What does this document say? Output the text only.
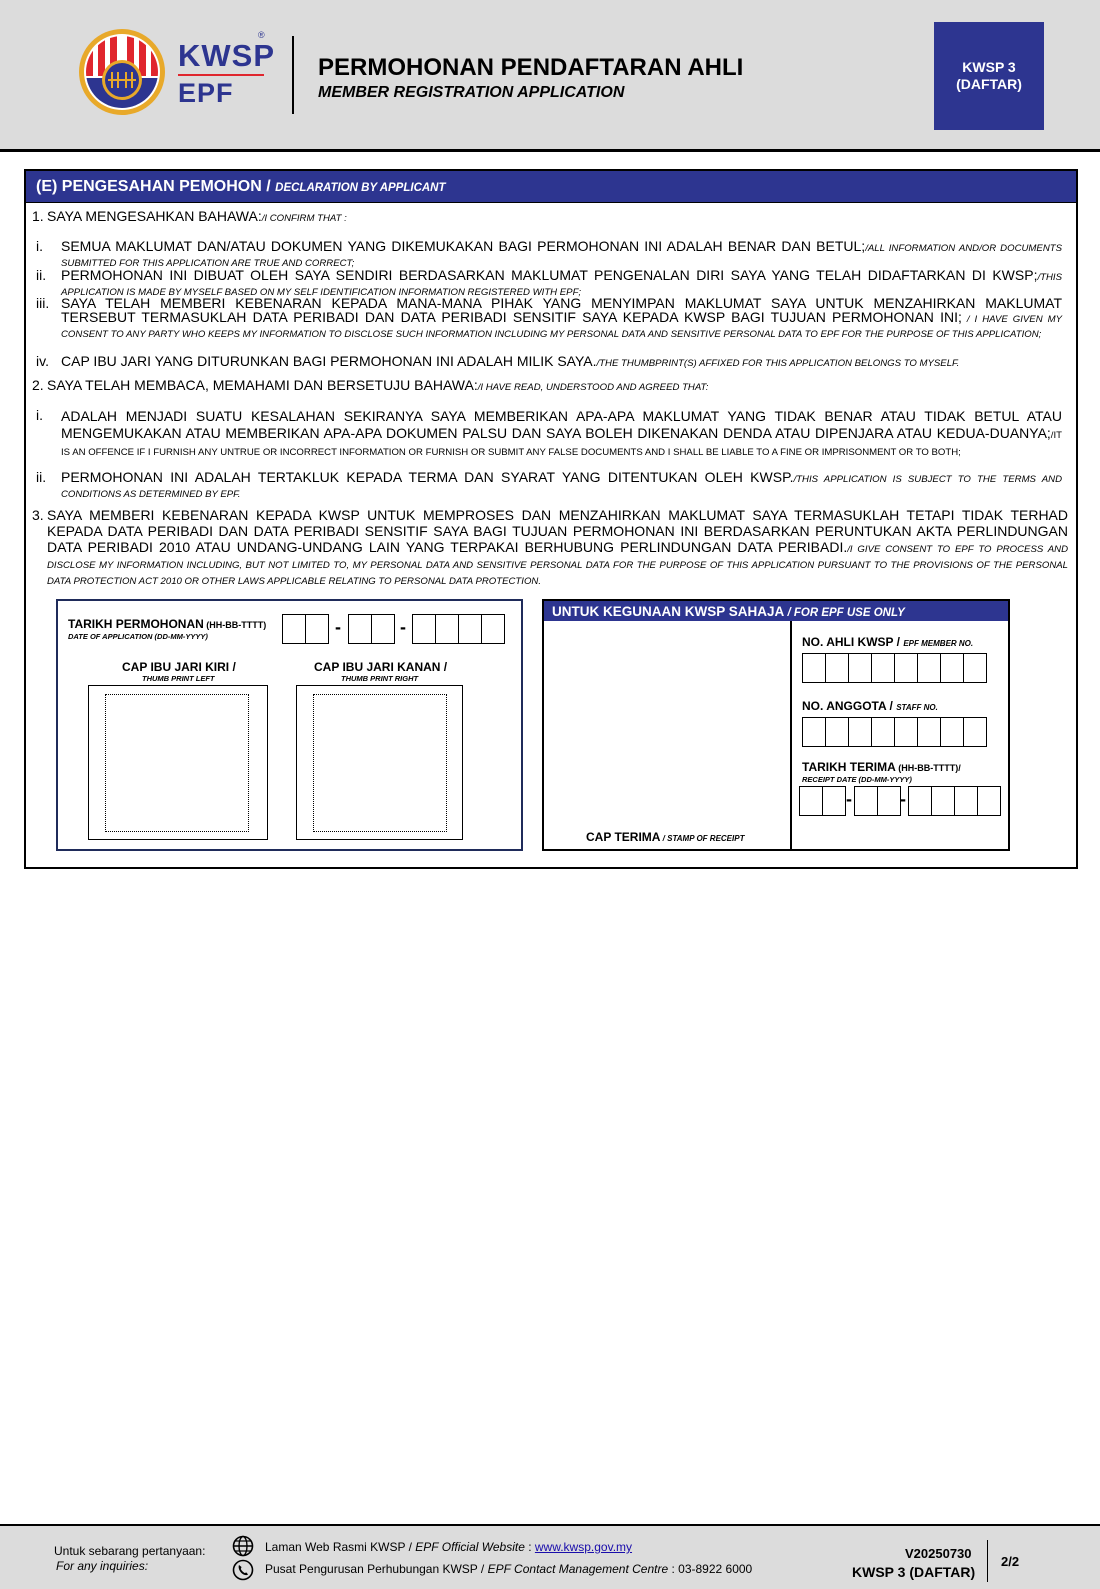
KWSP
EPF
®
PERMOHONAN PENDAFTARAN AHLI
MEMBER REGISTRATION APPLICATION
KWSP 3
(DAFTAR)
(E) PENGESAHAN PEMOHON / DECLARATION BY APPLICANT
1. SAYA MENGESAHKAN BAHAWA:/I CONFIRM THAT :
i.	SEMUA MAKLUMAT DAN/ATAU DOKUMEN YANG DIKEMUKAKAN BAGI PERMOHONAN INI ADALAH BENAR DAN BETUL;/ALL INFORMATION AND/OR DOCUMENTS SUBMITTED FOR THIS APPLICATION ARE TRUE AND CORRECT;
ii.	PERMOHONAN INI DIBUAT OLEH SAYA SENDIRI BERDASARKAN MAKLUMAT PENGENALAN DIRI SAYA YANG TELAH DIDAFTARKAN DI KWSP;/THIS APPLICATION IS MADE BY MYSELF BASED ON MY SELF IDENTIFICATION INFORMATION REGISTERED WITH EPF;
iii. SAYA TELAH MEMBERI KEBENARAN KEPADA MANA-MANA PIHAK YANG MENYIMPAN MAKLUMAT SAYA UNTUK MENZAHIRKAN MAKLUMAT TERSEBUT TERMASUKLAH DATA PERIBADI DAN DATA PERIBADI SENSITIF SAYA KEPADA KWSP BAGI TUJUAN PERMOHONAN INI; / I HAVE GIVEN MY CONSENT TO ANY PARTY WHO KEEPS MY INFORMATION TO DISCLOSE SUCH INFORMATION INCLUDING MY PERSONAL DATA AND SENSITIVE PERSONAL DATA TO EPF FOR THE PURPOSE OF THIS APPLICATION;
iv. CAP IBU JARI YANG DITURUNKAN BAGI PERMOHONAN INI ADALAH MILIK SAYA./THE THUMBPRINT(S) AFFIXED FOR THIS APPLICATION BELONGS TO MYSELF.
2. SAYA TELAH MEMBACA, MEMAHAMI DAN BERSETUJU BAHAWA:/I HAVE READ, UNDERSTOOD AND AGREED THAT:
i.	ADALAH MENJADI SUATU KESALAHAN SEKIRANYA SAYA MEMBERIKAN APA-APA MAKLUMAT YANG TIDAK BENAR ATAU TIDAK BETUL ATAU MENGEMUKAKAN ATAU MEMBERIKAN APA-APA DOKUMEN PALSU DAN SAYA BOLEH DIKENAKAN DENDA ATAU DIPENJARA ATAU KEDUA-DUANYA;/IT IS AN OFFENCE IF I FURNISH ANY UNTRUE OR INCORRECT INFORMATION OR FURNISH OR SUBMIT ANY FALSE DOCUMENTS AND I SHALL BE LIABLE TO A FINE OR IMPRISONMENT OR TO BOTH;
ii.	PERMOHONAN INI ADALAH TERTAKLUK KEPADA TERMA DAN SYARAT YANG DITENTUKAN OLEH KWSP./THIS APPLICATION IS SUBJECT TO THE TERMS AND CONDITIONS AS DETERMINED BY EPF.
3. SAYA MEMBERI KEBENARAN KEPADA KWSP UNTUK MEMPROSES DAN MENZAHIRKAN MAKLUMAT SAYA TERMASUKLAH TETAPI TIDAK TERHAD KEPADA DATA PERIBADI DAN DATA PERIBADI SENSITIF SAYA BAGI TUJUAN PERMOHONAN INI BERDASARKAN PERUNTUKAN AKTA PERLINDUNGAN DATA PERIBADI 2010 ATAU UNDANG-UNDANG LAIN YANG TERPAKAI BERHUBUNG PERLINDUNGAN DATA PERIBADI./I GIVE CONSENT TO EPF TO PROCESS AND DISCLOSE MY INFORMATION INCLUDING, BUT NOT LIMITED TO, MY PERSONAL DATA AND SENSITIVE PERSONAL DATA FOR THE PURPOSE OF THIS APPLICATION PURSUANT TO THE PROVISIONS OF THE PERSONAL DATA PROTECTION ACT 2010 OR OTHER LAWS APPLICABLE RELATING TO PERSONAL DATA PROTECTION.
TARIKH PERMOHONAN (HH-BB-TTTT)
DATE OF APPLICATION (DD-MM-YYYY)	-	-
CAP IBU JARI KIRI /
THUMB PRINT LEFT
CAP IBU JARI KANAN /
THUMB PRINT RIGHT
UNTUK KEGUNAAN KWSP SAHAJA / FOR EPF USE ONLY
CAP TERIMA / STAMP OF RECEIPT
NO. AHLI KWSP / EPF MEMBER NO.
NO. ANGGOTA / STAFF NO.
TARIKH TERIMA (HH-BB-TTTT)/
RECEIPT DATE (DD-MM-YYYY)
-	-
Untuk sebarang pertanyaan:
For any inquiries:
Laman Web Rasmi KWSP / EPF Official Website : www.kwsp.gov.my
Pusat Pengurusan Perhubungan KWSP / EPF Contact Management Centre : 03-8922 6000
V20250730
KWSP 3 (DAFTAR)
2/2
